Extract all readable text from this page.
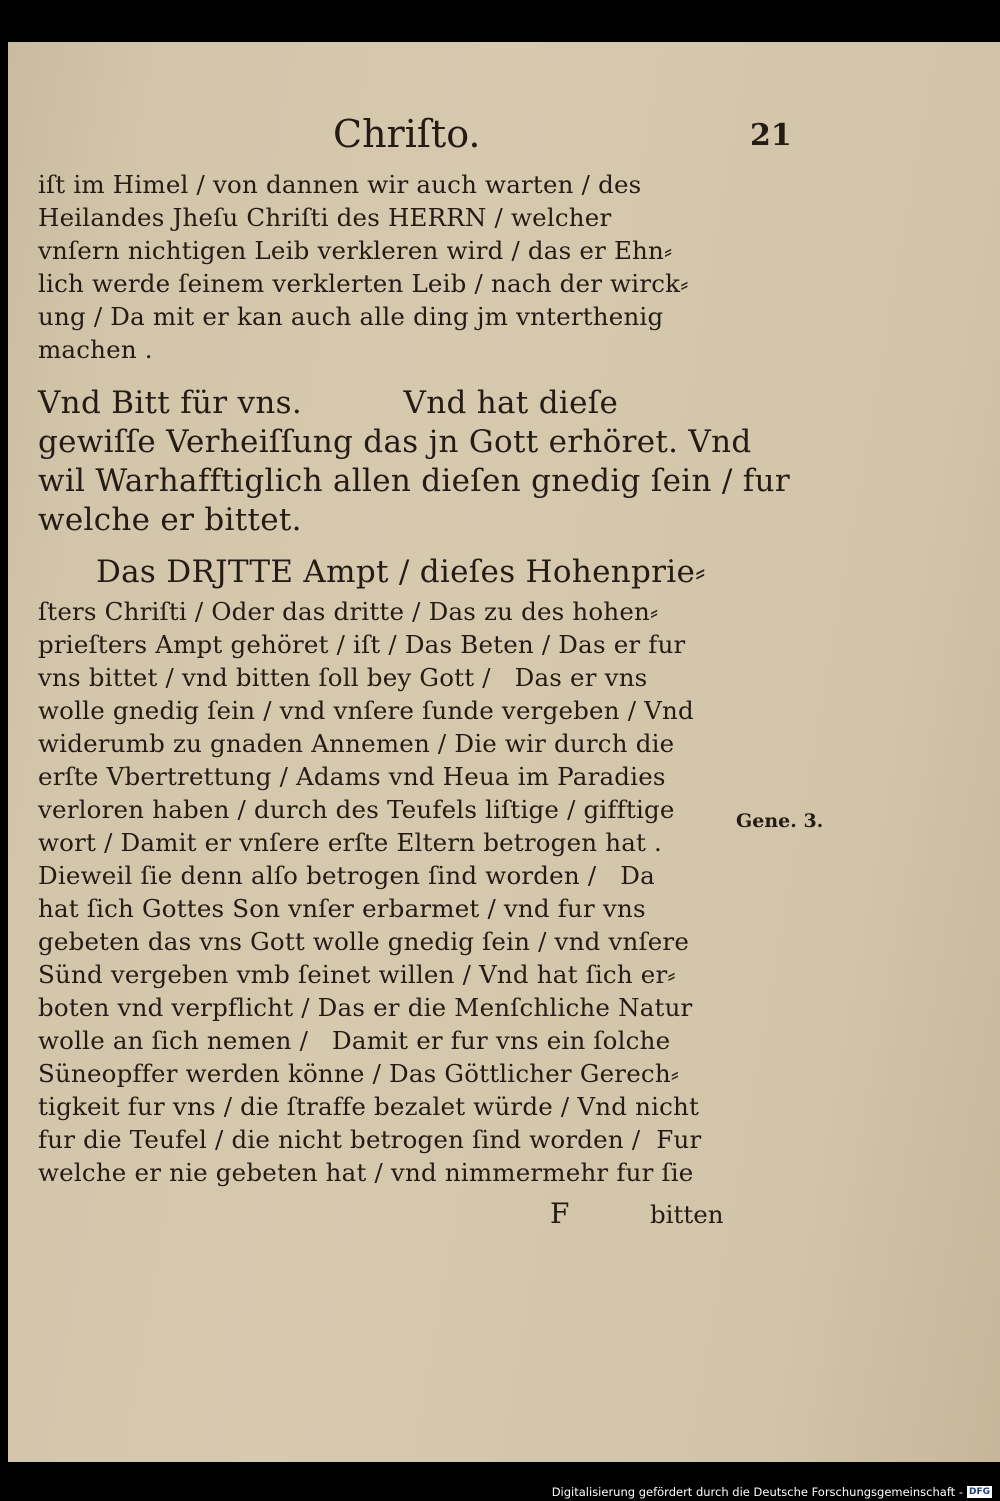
Chriſto.	21
iſt im Himel / von dannen wir auch warten / des
Heilandes Jheſu Chriſti des HERRN / welcher
vnſern nichtigen Leib verkleren wird / das er Ehn⸗
lich werde ſeinem verklerten Leib / nach der wirck⸗
ung / Da mit er kan auch alle ding jm vnterthenig
machen .
Vnd Bitt für vns.          Vnd hat dieſe
gewiſſe Verheiſſung das jn Gott erhöret. Vnd
wil Warhafftiglich allen dieſen gnedig ſein / fur
welche er bittet.
Das DRJTTE Ampt / dieſes Hohenprie⸗
ſters Chriſti / Oder das dritte / Das zu des hohen⸗
prieſters Ampt gehöret / iſt / Das Beten / Das er fur
vns bittet / vnd bitten ſoll bey Gott /   Das er vns
wolle gnedig ſein / vnd vnſere ſunde vergeben / Vnd
widerumb zu gnaden Annemen / Die wir durch die
erſte Vbertrettung / Adams vnd Heua im Paradies
verloren haben / durch des Teufels liſtige / gifftige
wort / Damit er vnſere erſte Eltern betrogen hat .
Dieweil ſie denn alſo betrogen ſind worden /   Da
hat ſich Gottes Son vnſer erbarmet / vnd fur vns
gebeten das vns Gott wolle gnedig ſein / vnd vnſere
Sünd vergeben vmb ſeinet willen / Vnd hat ſich er⸗
boten vnd verpflicht / Das er die Menſchliche Natur
wolle an ſich nemen /   Damit er fur vns ein ſolche
Süneopffer werden könne / Das Göttlicher Gerech⸗
tigkeit fur vns / die ſtraffe bezalet würde / Vnd nicht
fur die Teufel / die nicht betrogen ſind worden /  Fur
welche er nie gebeten hat / vnd nimmermehr fur ſie
Gene. 3.
F	bitten
Digitalisierung gefördert durch die Deutsche Forschungsgemeinschaft - DFG
